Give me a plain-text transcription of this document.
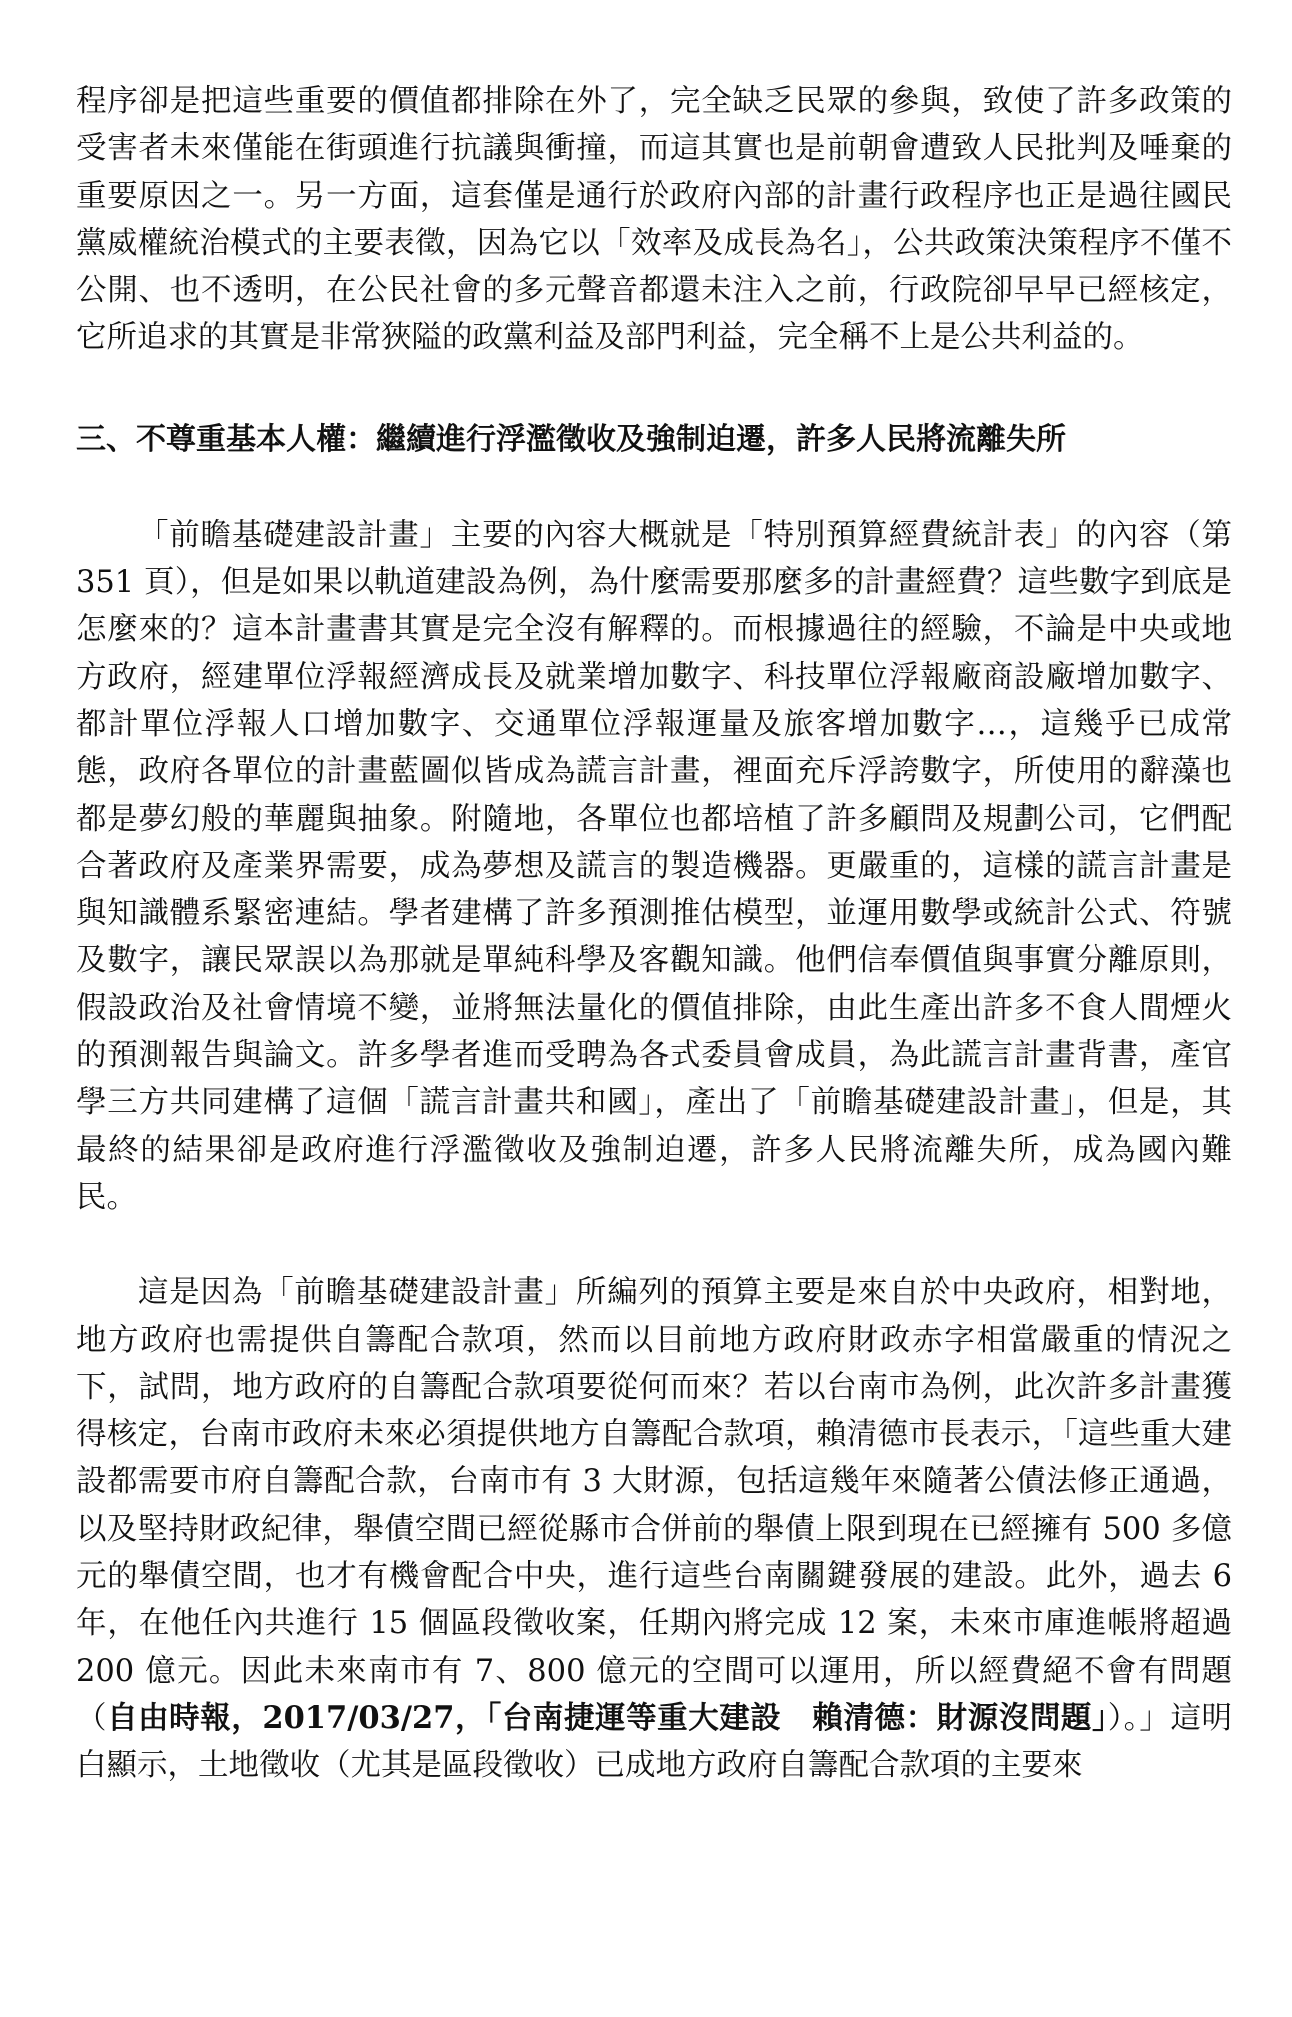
程序卻是把這些重要的價值都排除在外了，完全缺乏民眾的參與，致使了許多政策的受害者未來僅能在街頭進行抗議與衝撞，而這其實也是前朝會遭致人民批判及唾棄的重要原因之一。另一方面，這套僅是通行於政府內部的計畫行政程序也正是過往國民黨威權統治模式的主要表徵，因為它以「效率及成長為名」，公共政策決策程序不僅不公開、也不透明，在公民社會的多元聲音都還未注入之前，行政院卻早早已經核定，它所追求的其實是非常狹隘的政黨利益及部門利益，完全稱不上是公共利益的。

三、不尊重基本人權：繼續進行浮濫徵收及強制迫遷，許多人民將流離失所

「前瞻基礎建設計畫」主要的內容大概就是「特別預算經費統計表」的內容（第 351 頁），但是如果以軌道建設為例，為什麼需要那麼多的計畫經費？這些數字到底是怎麼來的？這本計畫書其實是完全沒有解釋的。而根據過往的經驗，不論是中央或地方政府，經建單位浮報經濟成長及就業增加數字、科技單位浮報廠商設廠增加數字、都計單位浮報人口增加數字、交通單位浮報運量及旅客增加數字…，這幾乎已成常態，政府各單位的計畫藍圖似皆成為謊言計畫，裡面充斥浮誇數字，所使用的辭藻也都是夢幻般的華麗與抽象。附隨地，各單位也都培植了許多顧問及規劃公司，它們配合著政府及產業界需要，成為夢想及謊言的製造機器。更嚴重的，這樣的謊言計畫是與知識體系緊密連結。學者建構了許多預測推估模型，並運用數學或統計公式、符號及數字，讓民眾誤以為那就是單純科學及客觀知識。他們信奉價值與事實分離原則，假設政治及社會情境不變，並將無法量化的價值排除，由此生產出許多不食人間煙火的預測報告與論文。許多學者進而受聘為各式委員會成員，為此謊言計畫背書，產官學三方共同建構了這個「謊言計畫共和國」，產出了「前瞻基礎建設計畫」，但是，其最終的結果卻是政府進行浮濫徵收及強制迫遷，許多人民將流離失所，成為國內難民。

這是因為「前瞻基礎建設計畫」所編列的預算主要是來自於中央政府，相對地，地方政府也需提供自籌配合款項，然而以目前地方政府財政赤字相當嚴重的情況之下，試問，地方政府的自籌配合款項要從何而來？若以台南市為例，此次許多計畫獲得核定，台南市政府未來必須提供地方自籌配合款項，賴清德市長表示，「這些重大建設都需要市府自籌配合款，台南市有 3 大財源，包括這幾年來隨著公債法修正通過，以及堅持財政紀律，舉債空間已經從縣市合併前的舉債上限到現在已經擁有 500 多億元的舉債空間，也才有機會配合中央，進行這些台南關鍵發展的建設。此外，過去 6 年，在他任內共進行 15 個區段徵收案，任期內將完成 12 案，未來市庫進帳將超過 200 億元。因此未來南市有 7、800 億元的空間可以運用，所以經費絕不會有問題（自由時報，2017/03/27，「台南捷運等重大建設　賴清德：財源沒問題」）。」這明白顯示，土地徵收（尤其是區段徵收）已成地方政府自籌配合款項的主要來
